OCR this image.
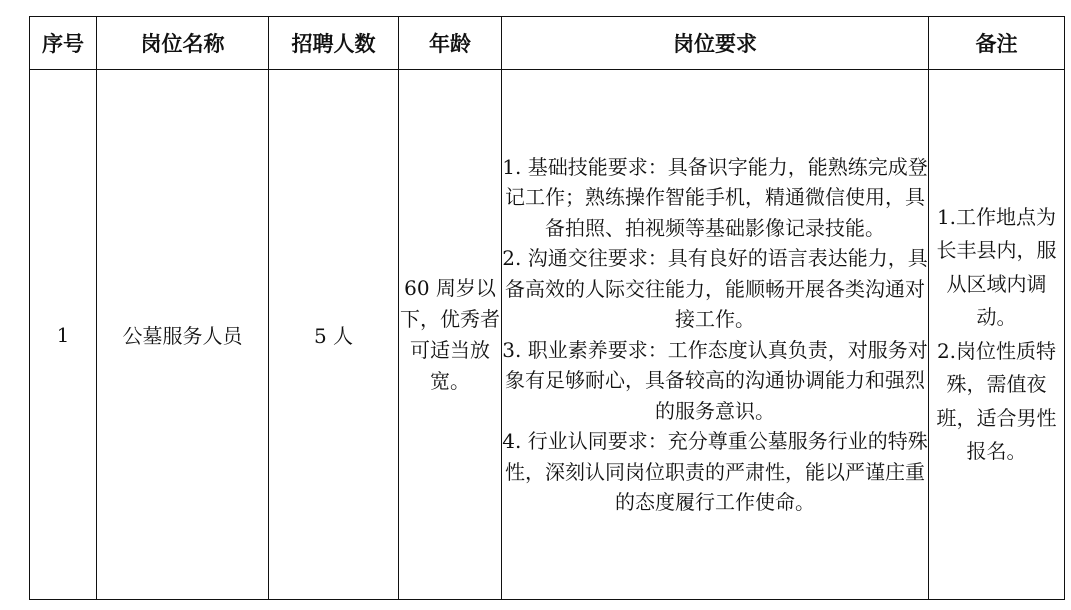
序号	岗位名称	招聘人数	年龄	岗位要求	备注
1	公墓服务人员	5 人	60 周岁以下，优秀者可适当放宽。	1. 基础技能要求：具备识字能力，能熟练完成登记工作；熟练操作智能手机，精通微信使用，具备拍照、拍视频等基础影像记录技能。
2. 沟通交往要求：具有良好的语言表达能力，具备高效的人际交往能力，能顺畅开展各类沟通对接工作。
3. 职业素养要求：工作态度认真负责，对服务对象有足够耐心，具备较高的沟通协调能力和强烈的服务意识。
4. 行业认同要求：充分尊重公墓服务行业的特殊性，深刻认同岗位职责的严肃性，能以严谨庄重的态度履行工作使命。	1.工作地点为长丰县内，服从区域内调动。
2.岗位性质特殊，需值夜班，适合男性报名。
